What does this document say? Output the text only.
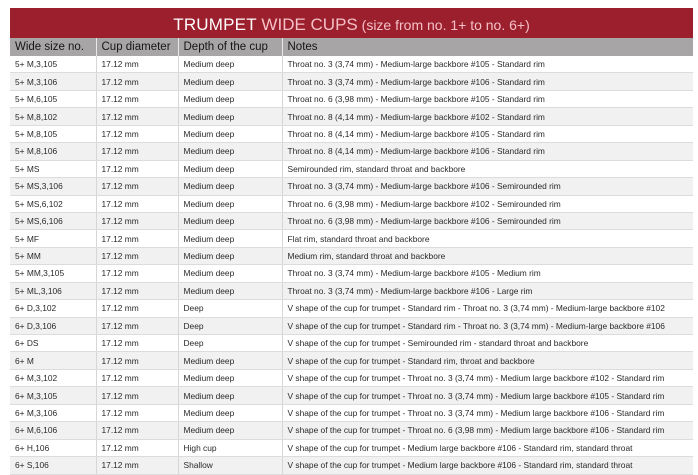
TRUMPET WIDE CUPS (size from no. 1+ to no. 6+)
Wide size no.	Cup diameter	Depth of the cup	Notes
5+ M,3,105	17.12 mm	Medium deep	Throat no. 3 (3,74 mm) - Medium-large backbore #105 - Standard rim
5+ M,3,106	17.12 mm	Medium deep	Throat no. 3 (3,74 mm) - Medium-large backbore #106 - Standard rim
5+ M,6,105	17.12 mm	Medium deep	Throat no. 6 (3,98 mm) - Medium-large backbore #105 - Standard rim
5+ M,8,102	17.12 mm	Medium deep	Throat no. 8 (4,14 mm) - Medium-large backbore #102 - Standard rim
5+ M,8,105	17.12 mm	Medium deep	Throat no. 8 (4,14 mm) - Medium-large backbore #105 - Standard rim
5+ M,8,106	17.12 mm	Medium deep	Throat no. 8 (4,14 mm) - Medium-large backbore #106 - Standard rim
5+ MS	17.12 mm	Medium deep	Semirounded rim, standard throat and backbore
5+ MS,3,106	17.12 mm	Medium deep	Throat no. 3 (3,74 mm) - Medium-large backbore #106 - Semirounded rim
5+ MS,6,102	17.12 mm	Medium deep	Throat no. 6 (3,98 mm) - Medium-large backbore #102 - Semirounded rim
5+ MS,6,106	17.12 mm	Medium deep	Throat no. 6 (3,98 mm) - Medium-large backbore #106 - Semirounded rim
5+ MF	17.12 mm	Medium deep	Flat rim, standard throat and backbore
5+ MM	17.12 mm	Medium deep	Medium rim, standard throat and backbore
5+ MM,3,105	17.12 mm	Medium deep	Throat no. 3 (3,74 mm) - Medium-large backbore #105 - Medium rim
5+ ML,3,106	17.12 mm	Medium deep	Throat no. 3 (3,74 mm) - Medium-large backbore #106 - Large rim
6+ D,3,102	17.12 mm	Deep	V shape of the cup for trumpet - Standard rim - Throat no. 3 (3,74 mm) - Medium-large backbore #102
6+ D,3,106	17.12 mm	Deep	V shape of the cup for trumpet - Standard rim - Throat no. 3 (3,74 mm) - Medium-large backbore #106
6+ DS	17.12 mm	Deep	V shape of the cup for trumpet - Semirounded rim - standard throat and backbore
6+ M	17.12 mm	Medium deep	V shape of the cup for trumpet - Standard rim, throat and backbore
6+ M,3,102	17.12 mm	Medium deep	V shape of the cup for trumpet - Throat no. 3 (3,74 mm) - Medium large backbore #102 - Standard rim
6+ M,3,105	17.12 mm	Medium deep	V shape of the cup for trumpet - Throat no. 3 (3,74 mm) - Medium large backbore #105 - Standard rim
6+ M,3,106	17.12 mm	Medium deep	V shape of the cup for trumpet - Throat no. 3 (3,74 mm) - Medium large backbore #106 - Standard rim
6+ M,6,106	17.12 mm	Medium deep	V shape of the cup for trumpet - Throat no. 6 (3,98 mm) - Medium large backbore #106 - Standard rim
6+ H,106	17.12 mm	High cup	V shape of the cup for trumpet - Medium large backbore #106 - Standard rim, standard throat
6+ S,106	17.12 mm	Shallow	V shape of the cup for trumpet - Medium large backbore #106 - Standard rim, standard throat
